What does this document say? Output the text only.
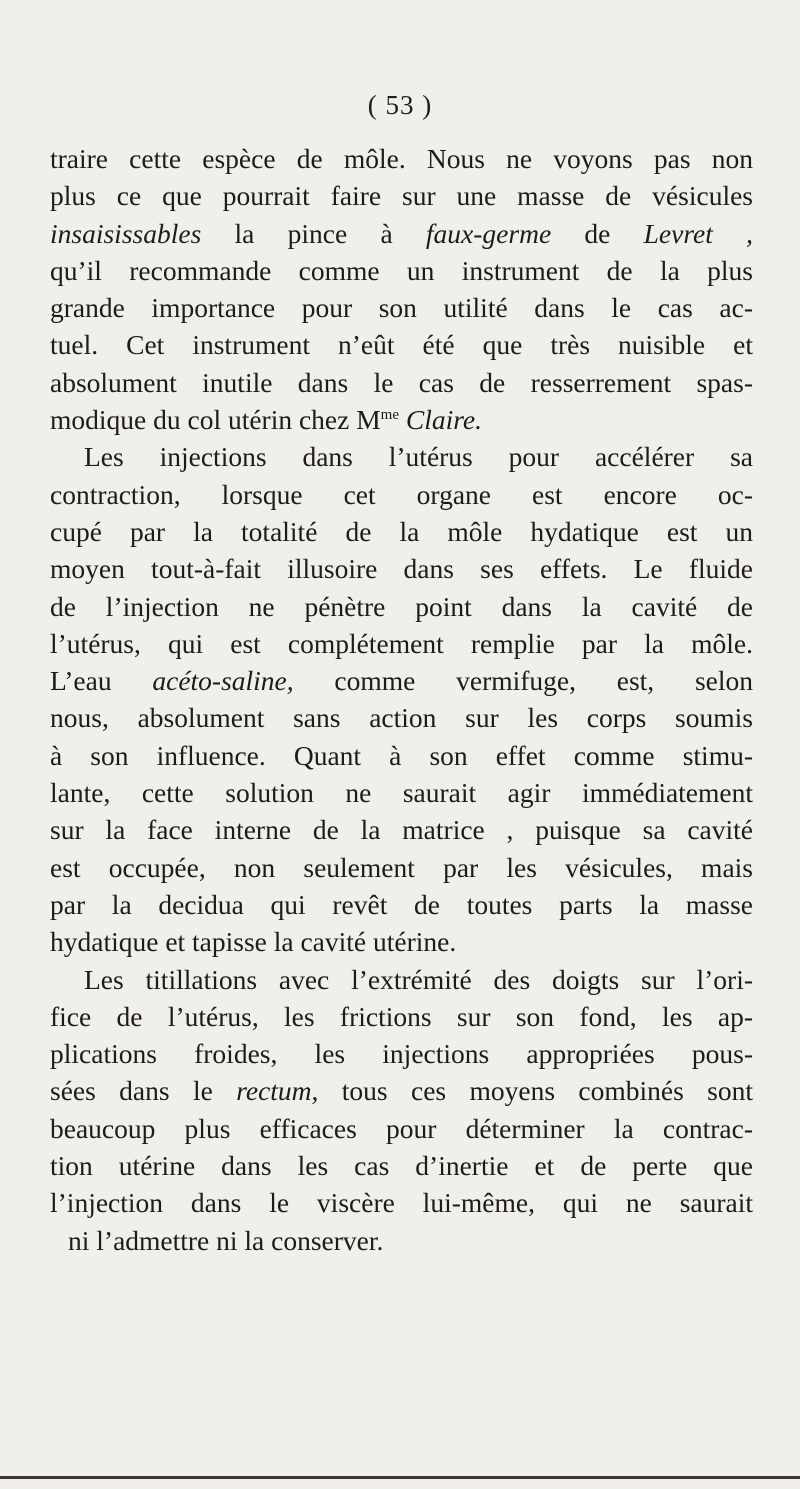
( 53 )
traire cette espèce de môle. Nous ne voyons pas non
plus ce que pourrait faire sur une masse de vésicules
insaisissables la pince à faux-germe de Levret ,
qu’il recommande comme un instrument de la plus
grande importance pour son utilité dans le cas ac-
tuel. Cet instrument n’eût été que très nuisible et
absolument inutile dans le cas de resserrement spas-
modique du col utérin chez $M^{me}$ Claire.
Les injections dans l’utérus pour accélérer sa
contraction, lorsque cet organe est encore oc-
cupé par la totalité de la môle hydatique est un
moyen tout-à-fait illusoire dans ses effets. Le fluide
de l’injection ne pénètre point dans la cavité de
l’utérus, qui est complétement remplie par la môle.
L’eau acéto-saline, comme vermifuge, est, selon
nous, absolument sans action sur les corps soumis
à son influence. Quant à son effet comme stimu-
lante, cette solution ne saurait agir immédiatement
sur la face interne de la matrice , puisque sa cavité
est occupée, non seulement par les vésicules, mais
par la decidua qui revêt de toutes parts la masse
hydatique et tapisse la cavité utérine.
Les titillations avec l’extrémité des doigts sur l’ori-
fice de l’utérus, les frictions sur son fond, les ap-
plications froides, les injections appropriées pous-
sées dans le rectum, tous ces moyens combinés sont
beaucoup plus efficaces pour déterminer la contrac-
tion utérine dans les cas d’inertie et de perte que
l’injection dans le viscère lui-même, qui ne saurait
ni l’admettre ni la conserver.
